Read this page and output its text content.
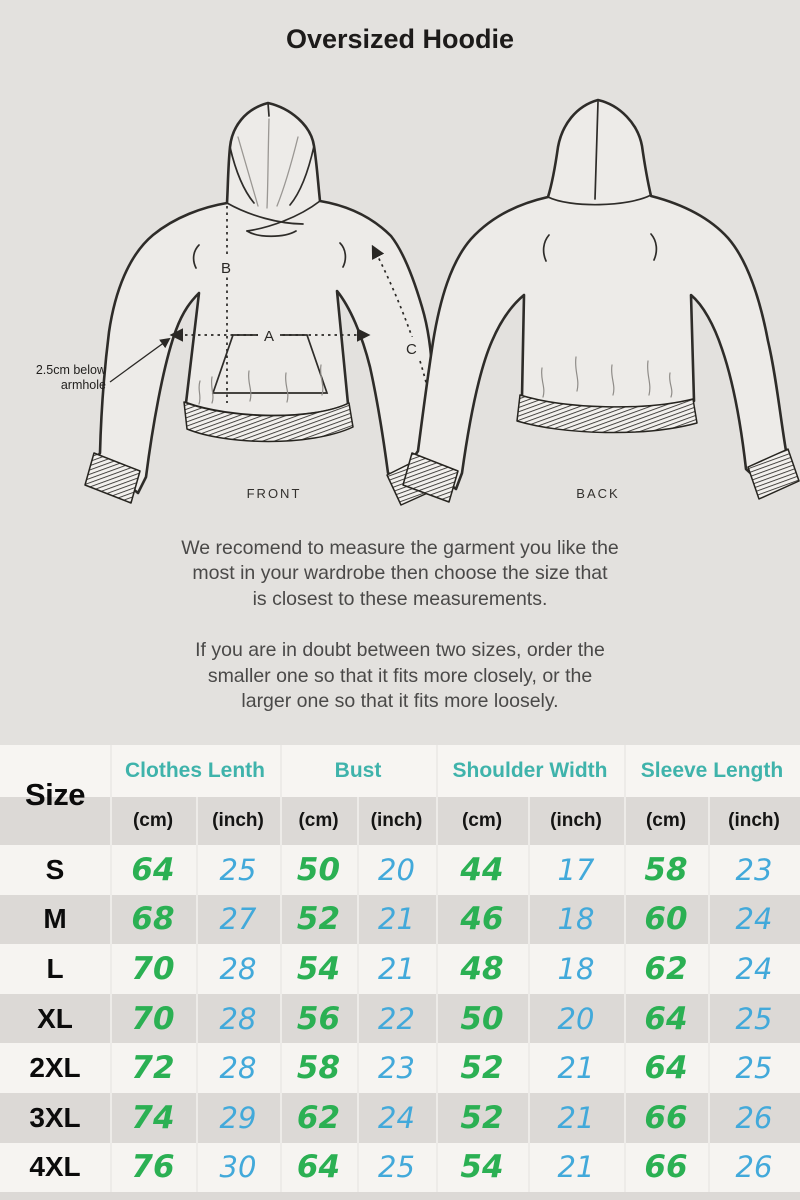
Oversized Hoodie
A
B
C
2.5cm below
armhole
FRONT	BACK
We recomend to measure the garment you like the
most in your wardrobe then choose the size that
is closest to these measurements.
If you are in doubt between two sizes, order the
smaller one so that it fits more closely, or the
larger one so that it fits more loosely.
Clothes Lenth	Bust	Shoulder Width	Sleeve Length
(cm)	(inch)	(cm)	(inch)	(cm)	(inch)	(cm)	(inch)
Size
S	64	25	50	20	44	17	58	23
M	68	27	52	21	46	18	60	24
L	70	28	54	21	48	18	62	24
XL	70	28	56	22	50	20	64	25
2XL	72	28	58	23	52	21	64	25
3XL	74	29	62	24	52	21	66	26
4XL	76	30	64	25	54	21	66	26
